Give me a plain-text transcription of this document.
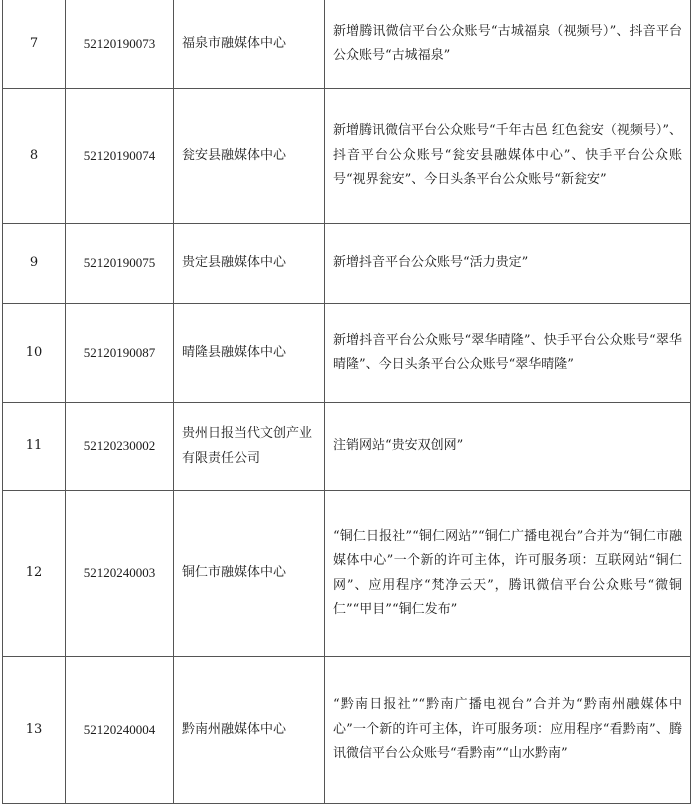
7	52120190073	福泉市融媒体中心	新增腾讯微信平台公众账号“古城福泉（视频号）”、抖音平台公众账号“古城福泉”
8	52120190074	瓮安县融媒体中心	新增腾讯微信平台公众账号“千年古邑 红色瓮安（视频号）”、抖音平台公众账号“瓮安县融媒体中心”、快手平台公众账号“视界瓮安”、今日头条平台公众账号“新瓮安”
9	52120190075	贵定县融媒体中心	新增抖音平台公众账号“活力贵定”
10	52120190087	晴隆县融媒体中心	新增抖音平台公众账号“翠华晴隆”、快手平台公众账号“翠华晴隆”、今日头条平台公众账号“翠华晴隆”
11	52120230002	贵州日报当代文创产业有限责任公司	注销网站“贵安双创网”
12	52120240003	铜仁市融媒体中心	“铜仁日报社”“铜仁网站”“铜仁广播电视台”合并为“铜仁市融媒体中心”一个新的许可主体，许可服务项：互联网站“铜仁网”、应用程序“梵净云天”，腾讯微信平台公众账号“微铜仁”“甲目”“铜仁发布”
13	52120240004	黔南州融媒体中心	“黔南日报社”“黔南广播电视台”合并为“黔南州融媒体中心”一个新的许可主体，许可服务项：应用程序“看黔南”、腾讯微信平台公众账号“看黔南”“山水黔南”
